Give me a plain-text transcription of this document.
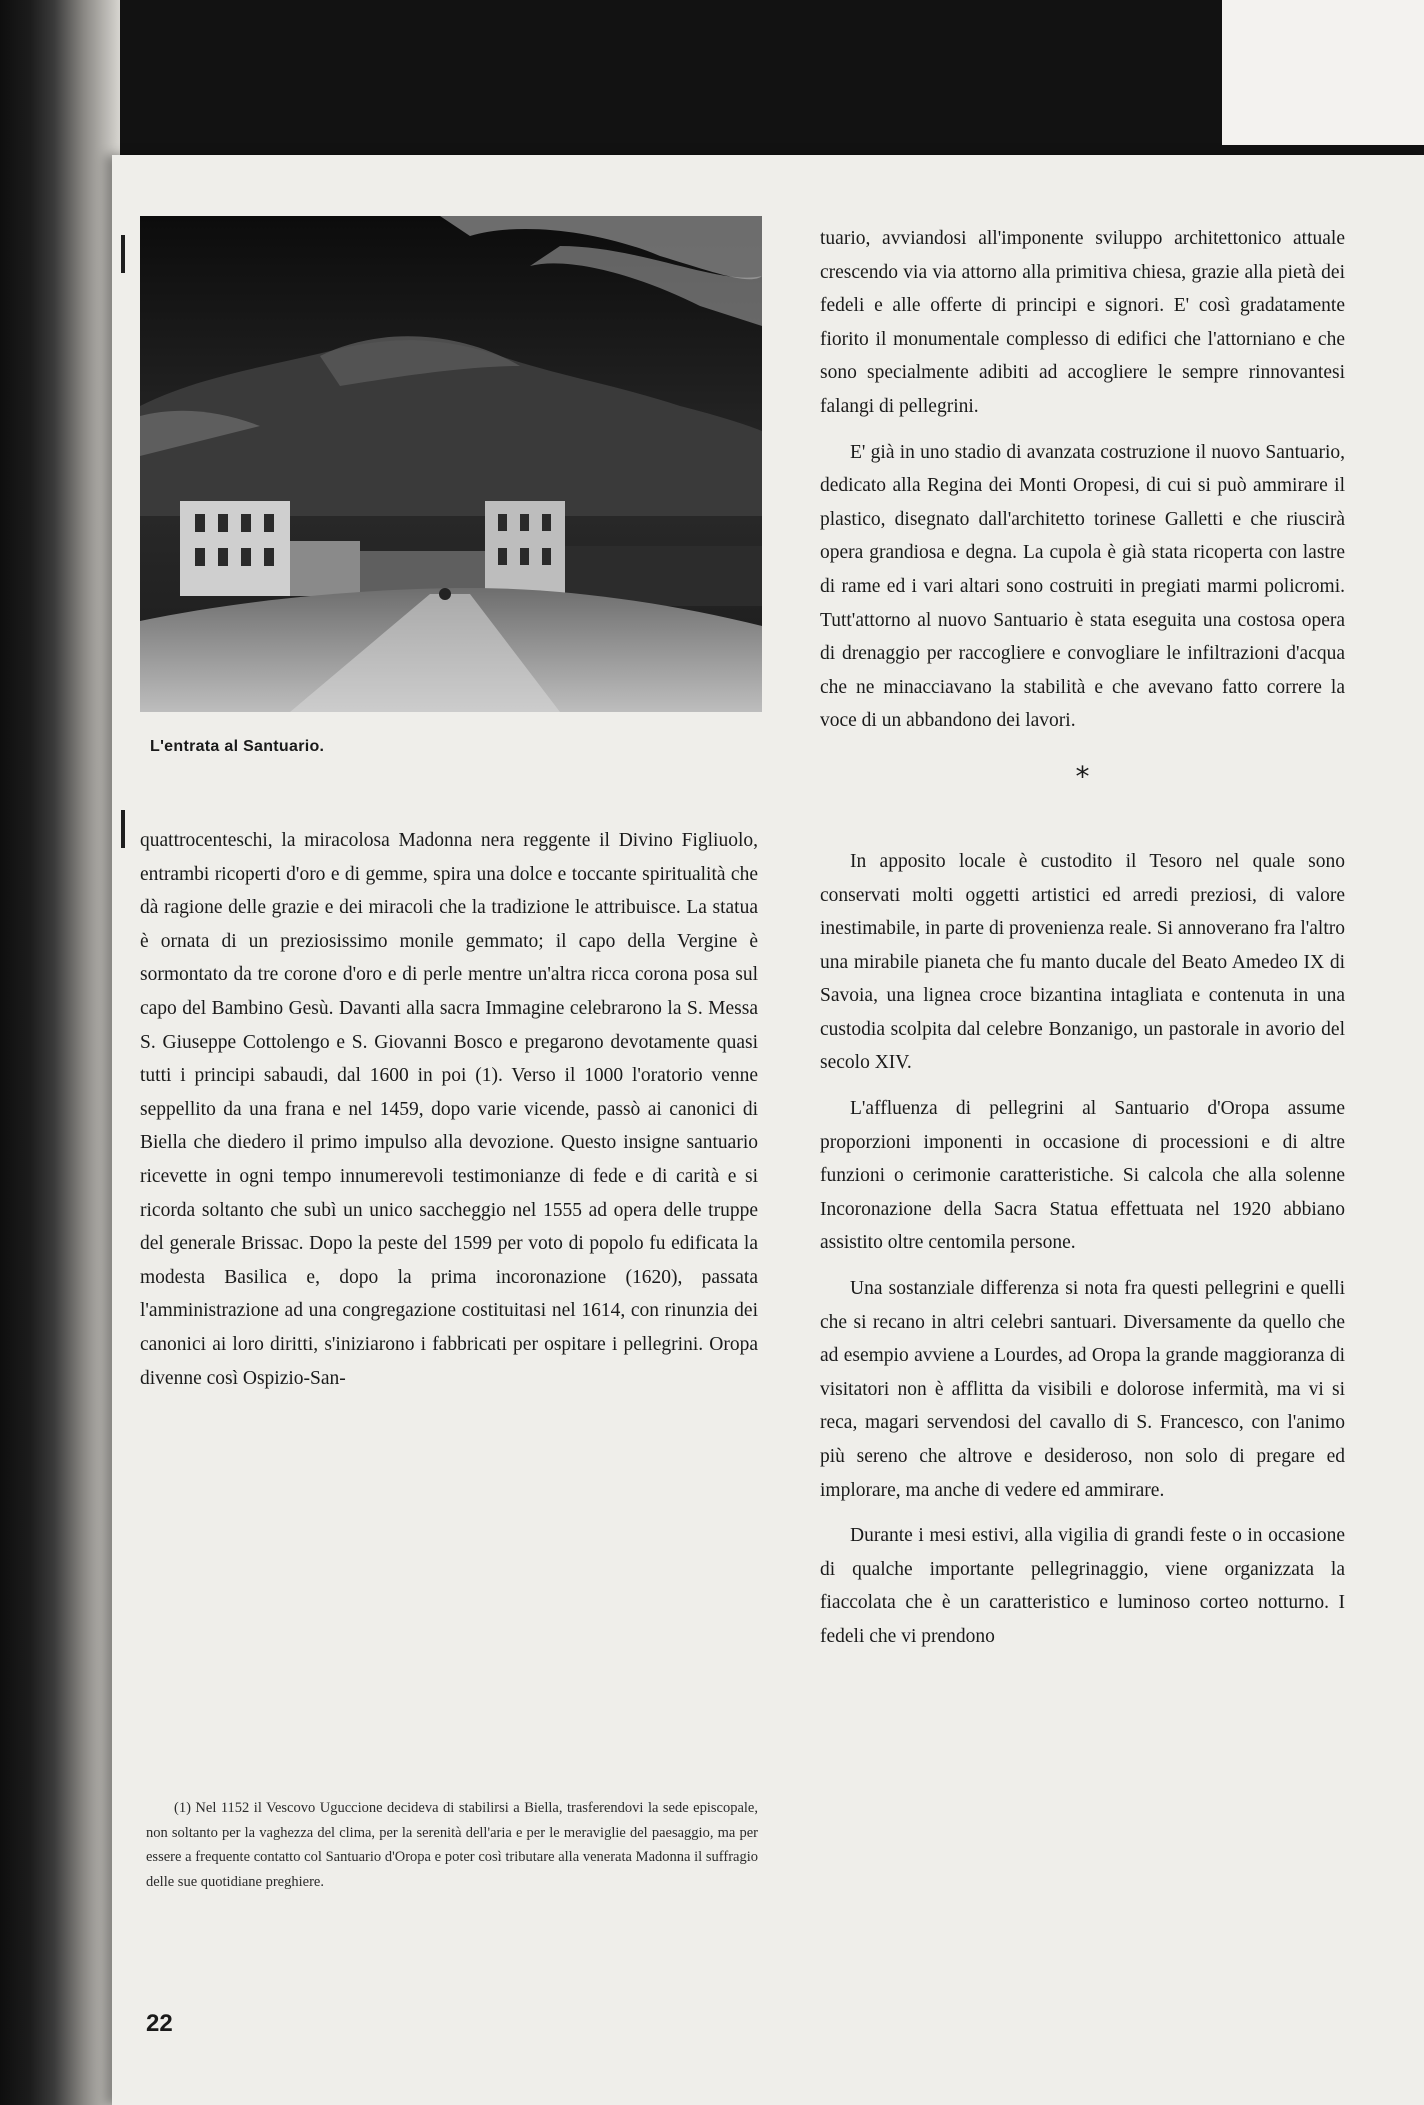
L'entrata al Santuario.

quattrocenteschi, la miracolosa Madonna nera reggente il Divino Figliuolo, entrambi ricoperti d'oro e di gemme, spira una dolce e toccante spiritualità che dà ragione delle grazie e dei miracoli che la tradizione le attribuisce. La statua è ornata di un preziosissimo monile gemmato; il capo della Vergine è sormontato da tre corone d'oro e di perle mentre un'altra ricca corona posa sul capo del Bambino Gesù. Davanti alla sacra Immagine celebrarono la S. Messa S. Giuseppe Cottolengo e S. Giovanni Bosco e pregarono devotamente quasi tutti i principi sabaudi, dal 1600 in poi (1). Verso il 1000 l'oratorio venne seppellito da una frana e nel 1459, dopo varie vicende, passò ai canonici di Biella che diedero il primo impulso alla devozione. Questo insigne santuario ricevette in ogni tempo innumerevoli testimonianze di fede e di carità e si ricorda soltanto che subì un unico saccheggio nel 1555 ad opera delle truppe del generale Brissac. Dopo la peste del 1599 per voto di popolo fu edificata la modesta Basilica e, dopo la prima incoronazione (1620), passata l'amministrazione ad una congregazione costituitasi nel 1614, con rinunzia dei canonici ai loro diritti, s'iniziarono i fabbricati per ospitare i pellegrini. Oropa divenne così Ospizio-San-

(1) Nel 1152 il Vescovo Uguccione decideva di stabilirsi a Biella, trasferendovi la sede episcopale, non soltanto per la vaghezza del clima, per la serenità dell'aria e per le meraviglie del paesaggio, ma per essere a frequente contatto col Santuario d'Oropa e poter così tributare alla venerata Madonna il suffragio delle sue quotidiane preghiere.

22

tuario, avviandosi all'imponente sviluppo architettonico attuale crescendo via via attorno alla primitiva chiesa, grazie alla pietà dei fedeli e alle offerte di principi e signori. E' così gradatamente fiorito il monumentale complesso di edifici che l'attorniano e che sono specialmente adibiti ad accogliere le sempre rinnovantesi falangi di pellegrini.

E' già in uno stadio di avanzata costruzione il nuovo Santuario, dedicato alla Regina dei Monti Oropesi, di cui si può ammirare il plastico, disegnato dall'architetto torinese Galletti e che riuscirà opera grandiosa e degna. La cupola è già stata ricoperta con lastre di rame ed i vari altari sono costruiti in pregiati marmi policromi. Tutt'attorno al nuovo Santuario è stata eseguita una costosa opera di drenaggio per raccogliere e convogliare le infiltrazioni d'acqua che ne minacciavano la stabilità e che avevano fatto correre la voce di un abbandono dei lavori.

*

In apposito locale è custodito il Tesoro nel quale sono conservati molti oggetti artistici ed arredi preziosi, di valore inestimabile, in parte di provenienza reale. Si annoverano fra l'altro una mirabile pianeta che fu manto ducale del Beato Amedeo IX di Savoia, una lignea croce bizantina intagliata e contenuta in una custodia scolpita dal celebre Bonzanigo, un pastorale in avorio del secolo XIV.

L'affluenza di pellegrini al Santuario d'Oropa assume proporzioni imponenti in occasione di processioni e di altre funzioni o cerimonie caratteristiche. Si calcola che alla solenne Incoronazione della Sacra Statua effettuata nel 1920 abbiano assistito oltre centomila persone.

Una sostanziale differenza si nota fra questi pellegrini e quelli che si recano in altri celebri santuari. Diversamente da quello che ad esempio avviene a Lourdes, ad Oropa la grande maggioranza di visitatori non è afflitta da visibili e dolorose infermità, ma vi si reca, magari servendosi del cavallo di S. Francesco, con l'animo più sereno che altrove e desideroso, non solo di pregare ed implorare, ma anche di vedere ed ammirare.

Durante i mesi estivi, alla vigilia di grandi feste o in occasione di qualche importante pellegrinaggio, viene organizzata la fiaccolata che è un caratteristico e luminoso corteo notturno. I fedeli che vi prendono
